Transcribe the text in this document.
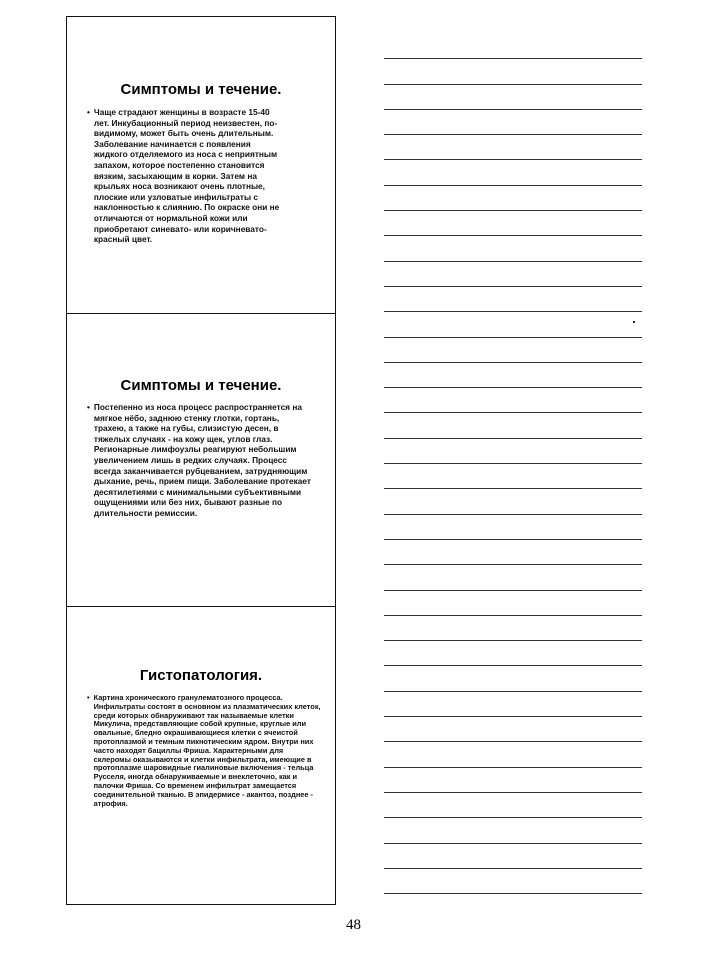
Симптомы и течение.
• Чаще страдают женщины в возрасте 15-40 лет. Инкубационный период неизвестен, по-видимому, может быть очень длительным. Заболевание начинается с появления жидкого отделяемого из носа с неприятным запахом, которое постепенно становится вязким, засыхающим в корки. Затем на крыльях носа возникают очень плотные, плоские или узловатые инфильтраты с наклонностью к слиянию. По окраске они не отличаются от нормальной кожи или приобретают синевато- или коричневато-красный цвет.
Симптомы и течение.
• Постепенно из носа процесс распространяется на мягкое нёбо, заднюю стенку глотки, гортань, трахею, а также на губы, слизистую десен, в тяжелых случаях - на кожу щек, углов глаз. Регионарные лимфоузлы реагируют небольшим увеличением лишь в редких случаях. Процесс всегда заканчивается рубцеванием, затрудняющим дыхание, речь, прием пищи. Заболевание протекает десятилетиями с минимальными субъективными ощущениями или без них, бывают разные по длительности ремиссии.
Гистопатология.
• Картина хронического гранулематозного процесса. Инфильтраты состоят в основном из плазматических клеток, среди которых обнаруживают так называемые клетки Микулича, представляющие собой крупные, круглые или овальные, бледно окрашивающиеся клетки с ячеистой протоплазмой и темным пикнотическим ядром. Внутри них часто находят бациллы Фриша. Характерными для склеромы оказываются и клетки инфильтрата, имеющие в протоплазме шаровидные гиалиновые включения - тельца Русселя, иногда обнаруживаемые и внеклеточно, как и палочки Фриша. Со временем инфильтрат замещается соединительной тканью. В эпидермисе - акантоз, позднее - атрофия.
48
